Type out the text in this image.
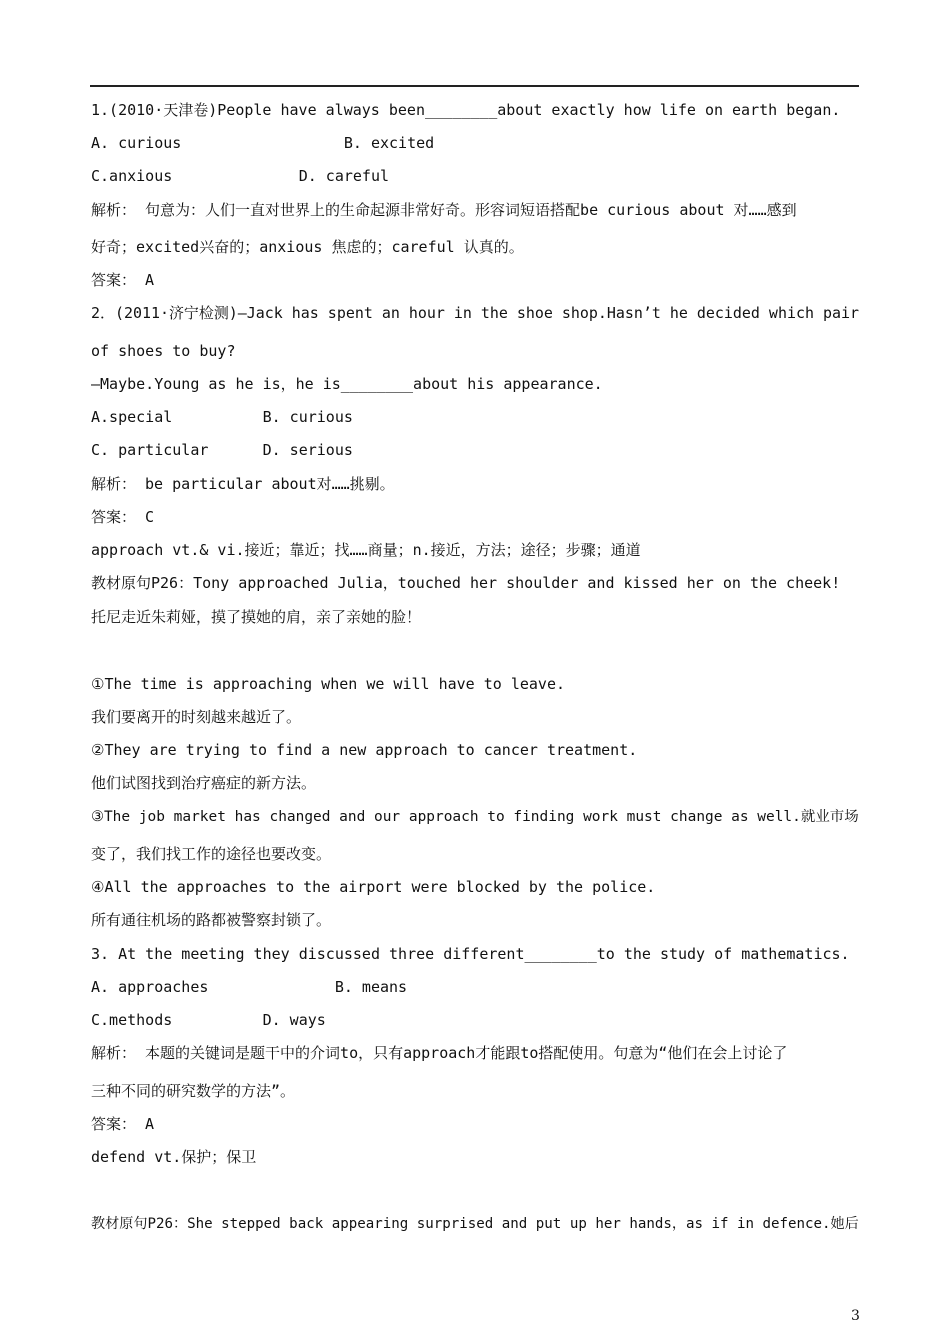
1.(2010·天津卷)People have always been________about exactly how life on earth began.
A. curious                  B. excited
C.anxious              D. careful
解析： 句意为：人们一直对世界上的生命起源非常好奇。形容词短语搭配be curious about 对……感到
好奇；excited兴奋的；anxious 焦虑的；careful 认真的。
答案： A
2．(2011·济宁检测)—Jack has spent an hour in the shoe shop.Hasn’t he decided which pair
of shoes to buy?
—Maybe.Young as he is，he is________about his appearance.
A.special          B. curious
C. particular      D. serious
解析： be particular about对……挑剔。
答案： C
approach vt.& vi.接近；靠近；找……商量；n.接近，方法；途径；步骤；通道
教材原句P26：Tony approached Julia，touched her shoulder and kissed her on the cheek!
托尼走近朱莉娅，摸了摸她的肩，亲了亲她的脸！
①The time is approaching when we will have to leave.
我们要离开的时刻越来越近了。
②They are trying to find a new approach to cancer treatment.
他们试图找到治疗癌症的新方法。
③The job market has changed and our approach to finding work must change as well.就业市场
变了，我们找工作的途径也要改变。
④All the approaches to the airport were blocked by the police.
所有通往机场的路都被警察封锁了。
3. At the meeting they discussed three different________to the study of mathematics.
A. approaches              B. means
C.methods          D. ways
解析： 本题的关键词是题干中的介词to，只有approach才能跟to搭配使用。句意为“他们在会上讨论了
三种不同的研究数学的方法”。
答案： A
defend vt.保护；保卫
教材原句P26：She stepped back appearing surprised and put up her hands，as if in defence.她后
3
